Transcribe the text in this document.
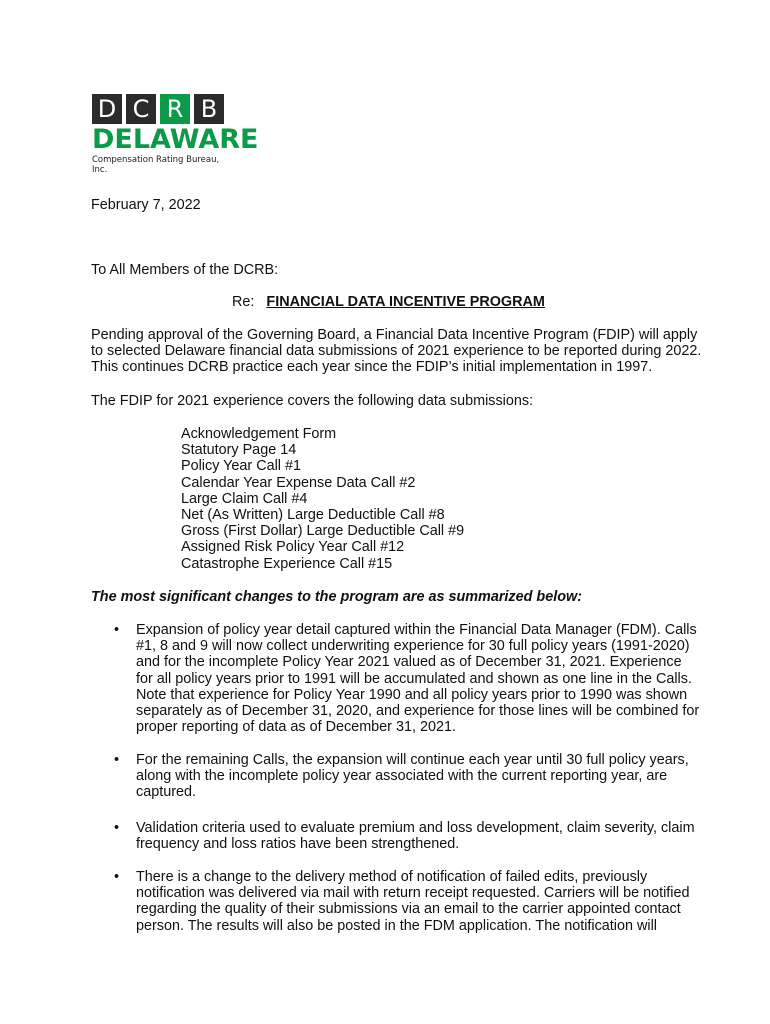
D C R B
DELAWARE
Compensation Rating Bureau, Inc.
February 7, 2022
To All Members of the DCRB:
Re: FINANCIAL DATA INCENTIVE PROGRAM
Pending approval of the Governing Board, a Financial Data Incentive Program (FDIP) will apply
to selected Delaware financial data submissions of 2021 experience to be reported during 2022.
This continues DCRB practice each year since the FDIP’s initial implementation in 1997.
The FDIP for 2021 experience covers the following data submissions:
Acknowledgement Form
Statutory Page 14
Policy Year Call #1
Calendar Year Expense Data Call #2
Large Claim Call #4
Net (As Written) Large Deductible Call #8
Gross (First Dollar) Large Deductible Call #9
Assigned Risk Policy Year Call #12
Catastrophe Experience Call #15
The most significant changes to the program are as summarized below:
• Expansion of policy year detail captured within the Financial Data Manager (FDM). Calls
#1, 8 and 9 will now collect underwriting experience for 30 full policy years (1991-2020)
and for the incomplete Policy Year 2021 valued as of December 31, 2021. Experience
for all policy years prior to 1991 will be accumulated and shown as one line in the Calls.
Note that experience for Policy Year 1990 and all policy years prior to 1990 was shown
separately as of December 31, 2020, and experience for those lines will be combined for
proper reporting of data as of December 31, 2021.
• For the remaining Calls, the expansion will continue each year until 30 full policy years,
along with the incomplete policy year associated with the current reporting year, are
captured.
• Validation criteria used to evaluate premium and loss development, claim severity, claim
frequency and loss ratios have been strengthened.
• There is a change to the delivery method of notification of failed edits, previously
notification was delivered via mail with return receipt requested. Carriers will be notified
regarding the quality of their submissions via an email to the carrier appointed contact
person. The results will also be posted in the FDM application. The notification will
